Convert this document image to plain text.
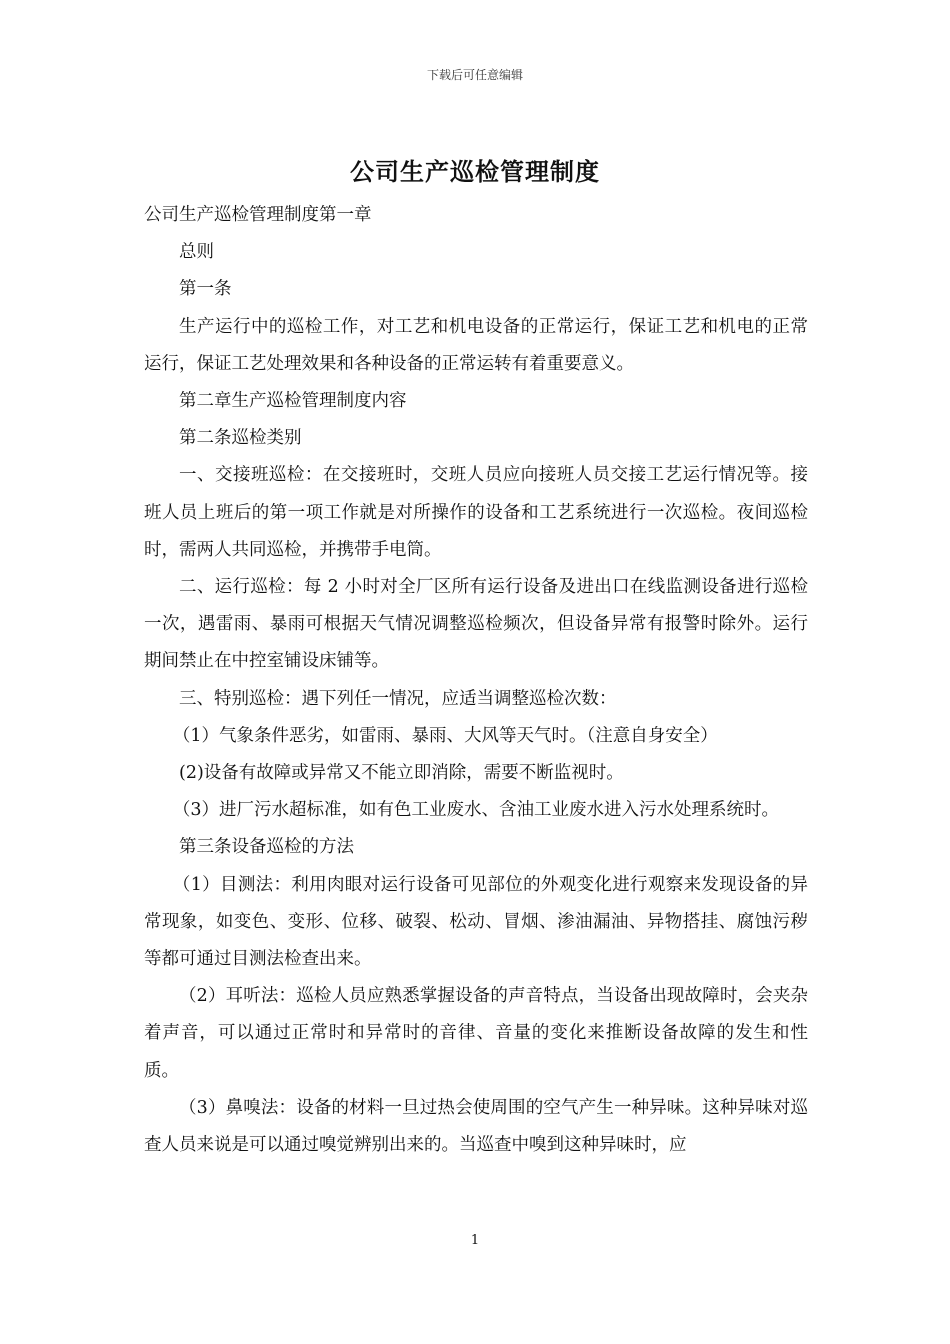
下载后可任意编辑
公司生产巡检管理制度

公司生产巡检管理制度第一章

总则

第一条

生产运行中的巡检工作，对工艺和机电设备的正常运行，保证工艺和机电的正常运行，保证工艺处理效果和各种设备的正常运转有着重要意义。

第二章生产巡检管理制度内容

第二条巡检类别

一、交接班巡检：在交接班时，交班人员应向接班人员交接工艺运行情况等。接班人员上班后的第一项工作就是对所操作的设备和工艺系统进行一次巡检。夜间巡检时，需两人共同巡检，并携带手电筒。

二、运行巡检：每 2 小时对全厂区所有运行设备及进出口在线监测设备进行巡检一次，遇雷雨、暴雨可根据天气情况调整巡检频次，但设备异常有报警时除外。运行期间禁止在中控室铺设床铺等。

三、特别巡检：遇下列任一情况，应适当调整巡检次数：

（1）气象条件恶劣，如雷雨、暴雨、大风等天气时。（注意自身安全）

(2)设备有故障或异常又不能立即消除，需要不断监视时。

（3）进厂污水超标准，如有色工业废水、含油工业废水进入污水处理系统时。

第三条设备巡检的方法

（1）目测法：利用肉眼对运行设备可见部位的外观变化进行观察来发现设备的异常现象，如变色、变形、位移、破裂、松动、冒烟、渗油漏油、异物搭挂、腐蚀污秽等都可通过目测法检查出来。

（2）耳听法：巡检人员应熟悉掌握设备的声音特点，当设备出现故障时，会夹杂着声音，可以通过正常时和异常时的音律、音量的变化来推断设备故障的发生和性质。

（3）鼻嗅法：设备的材料一旦过热会使周围的空气产生一种异味。这种异味对巡查人员来说是可以通过嗅觉辨别出来的。当巡查中嗅到这种异味时，应

1
